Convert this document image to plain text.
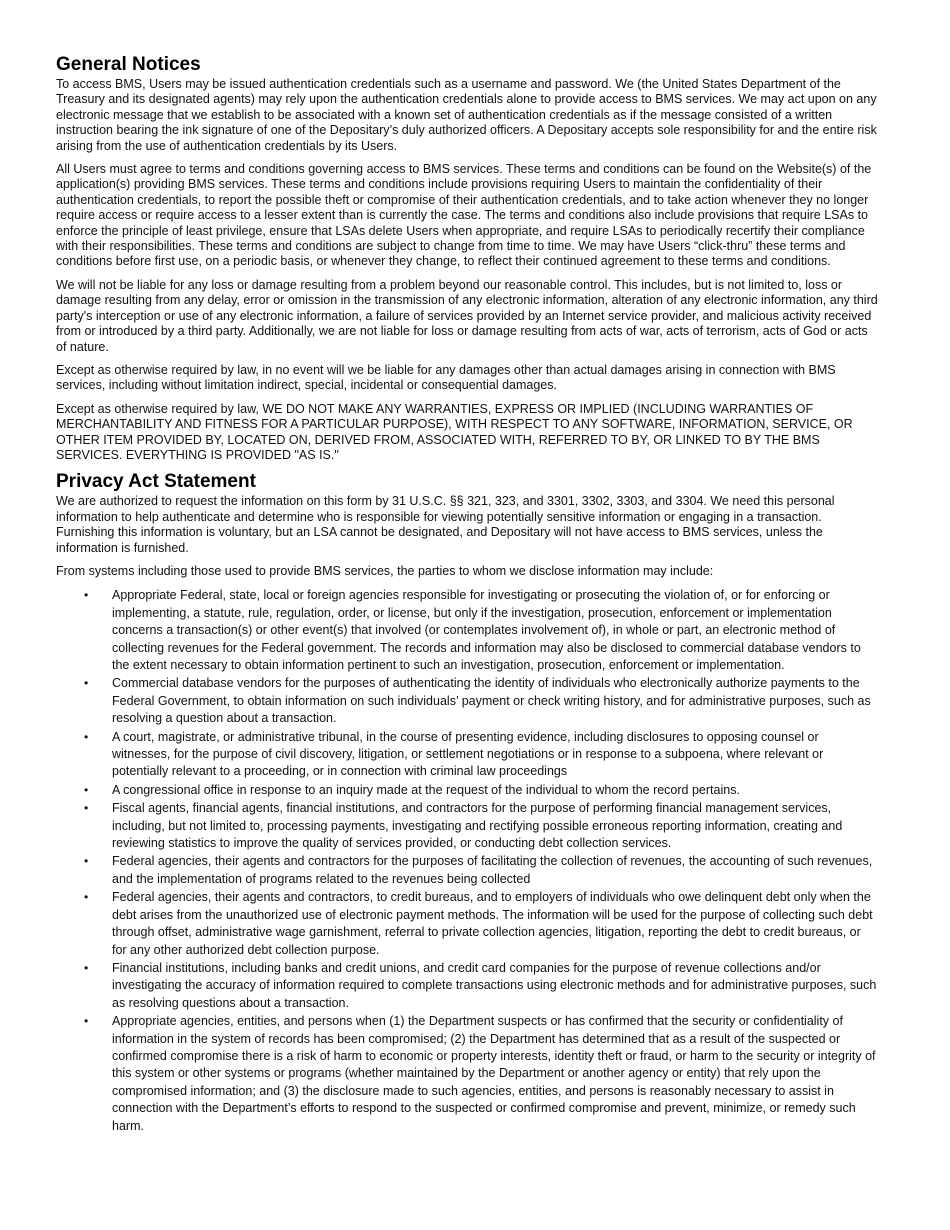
General Notices

To access BMS, Users may be issued authentication credentials such as a username and password. We (the United States Department of the Treasury and its designated agents) may rely upon the authentication credentials alone to provide access to BMS services. We may act upon on any electronic message that we establish to be associated with a known set of authentication credentials as if the message consisted of a written instruction bearing the ink signature of one of the Depositary’s duly authorized officers. A Depositary accepts sole responsibility for and the entire risk arising from the use of authentication credentials by its Users.

All Users must agree to terms and conditions governing access to BMS services. These terms and conditions can be found on the Website(s) of the application(s) providing BMS services. These terms and conditions include provisions requiring Users to maintain the confidentiality of their authentication credentials, to report the possible theft or compromise of their authentication credentials, and to take action whenever they no longer require access or require access to a lesser extent than is currently the case. The terms and conditions also include provisions that require LSAs to enforce the principle of least privilege, ensure that LSAs delete Users when appropriate, and require LSAs to periodically recertify their compliance with their responsibilities. These terms and conditions are subject to change from time to time. We may have Users “click-thru” these terms and conditions before first use, on a periodic basis, or whenever they change, to reflect their continued agreement to these terms and conditions.

We will not be liable for any loss or damage resulting from a problem beyond our reasonable control. This includes, but is not limited to, loss or damage resulting from any delay, error or omission in the transmission of any electronic information, alteration of any electronic information, any third party's interception or use of any electronic information, a failure of services provided by an Internet service provider, and malicious activity received from or introduced by a third party. Additionally, we are not liable for loss or damage resulting from acts of war, acts of terrorism, acts of God or acts of nature.

Except as otherwise required by law, in no event will we be liable for any damages other than actual damages arising in connection with BMS services, including without limitation indirect, special, incidental or consequential damages.

Except as otherwise required by law, WE DO NOT MAKE ANY WARRANTIES, EXPRESS OR IMPLIED (INCLUDING WARRANTIES OF MERCHANTABILITY AND FITNESS FOR A PARTICULAR PURPOSE), WITH RESPECT TO ANY SOFTWARE, INFORMATION, SERVICE, OR OTHER ITEM PROVIDED BY, LOCATED ON, DERIVED FROM, ASSOCIATED WITH, REFERRED TO BY, OR LINKED TO BY THE BMS SERVICES. EVERYTHING IS PROVIDED "AS IS."

Privacy Act Statement

We are authorized to request the information on this form by 31 U.S.C. §§ 321, 323, and 3301, 3302, 3303, and 3304. We need this personal information to help authenticate and determine who is responsible for viewing potentially sensitive information or engaging in a transaction. Furnishing this information is voluntary, but an LSA cannot be designated, and Depositary will not have access to BMS services, unless the information is furnished.

From systems including those used to provide BMS services, the parties to whom we disclose information may include:

• Appropriate Federal, state, local or foreign agencies responsible for investigating or prosecuting the violation of, or for enforcing or implementing, a statute, rule, regulation, order, or license, but only if the investigation, prosecution, enforcement or implementation concerns a transaction(s) or other event(s) that involved (or contemplates involvement of), in whole or part, an electronic method of collecting revenues for the Federal government. The records and information may also be disclosed to commercial database vendors to the extent necessary to obtain information pertinent to such an investigation, prosecution, enforcement or implementation.
• Commercial database vendors for the purposes of authenticating the identity of individuals who electronically authorize payments to the Federal Government, to obtain information on such individuals’ payment or check writing history, and for administrative purposes, such as resolving a question about a transaction.
• A court, magistrate, or administrative tribunal, in the course of presenting evidence, including disclosures to opposing counsel or witnesses, for the purpose of civil discovery, litigation, or settlement negotiations or in response to a subpoena, where relevant or potentially relevant to a proceeding, or in connection with criminal law proceedings
• A congressional office in response to an inquiry made at the request of the individual to whom the record pertains.
• Fiscal agents, financial agents, financial institutions, and contractors for the purpose of performing financial management services, including, but not limited to, processing payments, investigating and rectifying possible erroneous reporting information, creating and reviewing statistics to improve the quality of services provided, or conducting debt collection services.
• Federal agencies, their agents and contractors for the purposes of facilitating the collection of revenues, the accounting of such revenues, and the implementation of programs related to the revenues being collected
• Federal agencies, their agents and contractors, to credit bureaus, and to employers of individuals who owe delinquent debt only when the debt arises from the unauthorized use of electronic payment methods. The information will be used for the purpose of collecting such debt through offset, administrative wage garnishment, referral to private collection agencies, litigation, reporting the debt to credit bureaus, or for any other authorized debt collection purpose.
• Financial institutions, including banks and credit unions, and credit card companies for the purpose of revenue collections and/or investigating the accuracy of information required to complete transactions using electronic methods and for administrative purposes, such as resolving questions about a transaction.
• Appropriate agencies, entities, and persons when (1) the Department suspects or has confirmed that the security or confidentiality of information in the system of records has been compromised; (2) the Department has determined that as a result of the suspected or confirmed compromise there is a risk of harm to economic or property interests, identity theft or fraud, or harm to the security or integrity of this system or other systems or programs (whether maintained by the Department or another agency or entity) that rely upon the compromised information; and (3) the disclosure made to such agencies, entities, and persons is reasonably necessary to assist in connection with the Department’s efforts to respond to the suspected or confirmed compromise and prevent, minimize, or remedy such harm.
